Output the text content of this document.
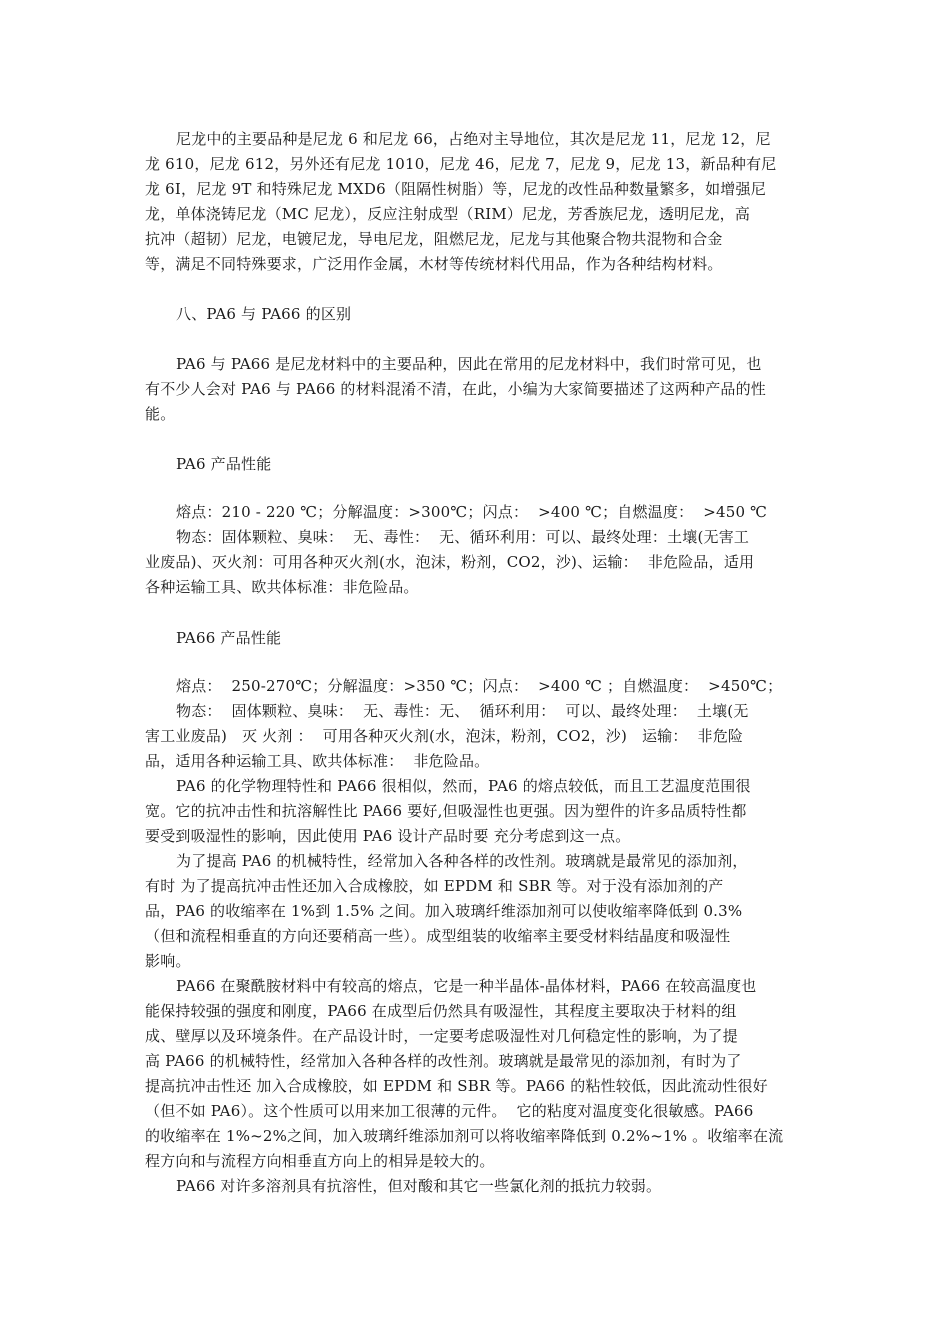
尼龙中的主要品种是尼龙 6 和尼龙 66，占绝对主导地位，其次是尼龙 11，尼龙 12，尼
龙 610，尼龙 612，另外还有尼龙 1010，尼龙 46，尼龙 7，尼龙 9，尼龙 13，新品种有尼
龙 6I，尼龙 9T 和特殊尼龙 MXD6（阻隔性树脂）等，尼龙的改性品种数量繁多，如增强尼
龙，单体浇铸尼龙（MC 尼龙），反应注射成型（RIM）尼龙，芳香族尼龙，透明尼龙，高
抗冲（超韧）尼龙，电镀尼龙，导电尼龙，阻燃尼龙，尼龙与其他聚合物共混物和合金
等，满足不同特殊要求，广泛用作金属，木材等传统材料代用品，作为各种结构材料。
八、PA6 与 PA66 的区别
PA6 与 PA66 是尼龙材料中的主要品种，因此在常用的尼龙材料中，我们时常可见，也
有不少人会对 PA6 与 PA66 的材料混淆不清，在此，小编为大家简要描述了这两种产品的性
能。
PA6 产品性能
熔点：210 - 220 ℃；分解温度：>300℃；闪点：  >400 ℃；自燃温度：  >450 ℃
物态：固体颗粒、臭味：  无、毒性：  无、循环利用：可以、最终处理：土壤(无害工
业废品)、灭火剂：可用各种灭火剂(水，泡沫，粉剂，CO2，沙)、运输：  非危险品，适用
各种运输工具、欧共体标准：非危险品。
PA66 产品性能
熔点：  250-270℃；分解温度：>350 ℃；闪点：  >400 ℃ ；自燃温度：  >450℃；
物态：  固体颗粒、臭味：  无、毒性：无、  循环利用：  可以、最终处理：  土壤(无
害工业废品)   灭 火剂 ：  可用各种灭火剂(水，泡沫，粉剂，CO2，沙)   运输：  非危险
品，适用各种运输工具、欧共体标准：  非危险品。
PA6 的化学物理特性和 PA66 很相似，然而，PA6 的熔点较低，而且工艺温度范围很
宽。它的抗冲击性和抗溶解性比 PA66 要好,但吸湿性也更强。因为塑件的许多品质特性都
要受到吸湿性的影响，因此使用 PA6 设计产品时要 充分考虑到这一点。
为了提高 PA6 的机械特性，经常加入各种各样的改性剂。玻璃就是最常见的添加剂，
有时 为了提高抗冲击性还加入合成橡胶，如 EPDM 和 SBR 等。对于没有添加剂的产
品，PA6 的收缩率在 1%到 1.5% 之间。加入玻璃纤维添加剂可以使收缩率降低到 0.3%
（但和流程相垂直的方向还要稍高一些）。成型组装的收缩率主要受材料结晶度和吸湿性
影响。
PA66 在聚酰胺材料中有较高的熔点，它是一种半晶体-晶体材料，PA66 在较高温度也
能保持较强的强度和刚度，PA66 在成型后仍然具有吸湿性，其程度主要取决于材料的组
成、壁厚以及环境条件。在产品设计时，一定要考虑吸湿性对几何稳定性的影响，为了提
高 PA66 的机械特性，经常加入各种各样的改性剂。玻璃就是最常见的添加剂，有时为了
提高抗冲击性还 加入合成橡胶，如 EPDM 和 SBR 等。PA66 的粘性较低，因此流动性很好
（但不如 PA6）。这个性质可以用来加工很薄的元件。  它的粘度对温度变化很敏感。PA66
的收缩率在 1%~2%之间，加入玻璃纤维添加剂可以将收缩率降低到 0.2%~1% 。收缩率在流
程方向和与流程方向相垂直方向上的相异是较大的。
PA66 对许多溶剂具有抗溶性，但对酸和其它一些氯化剂的抵抗力较弱。
